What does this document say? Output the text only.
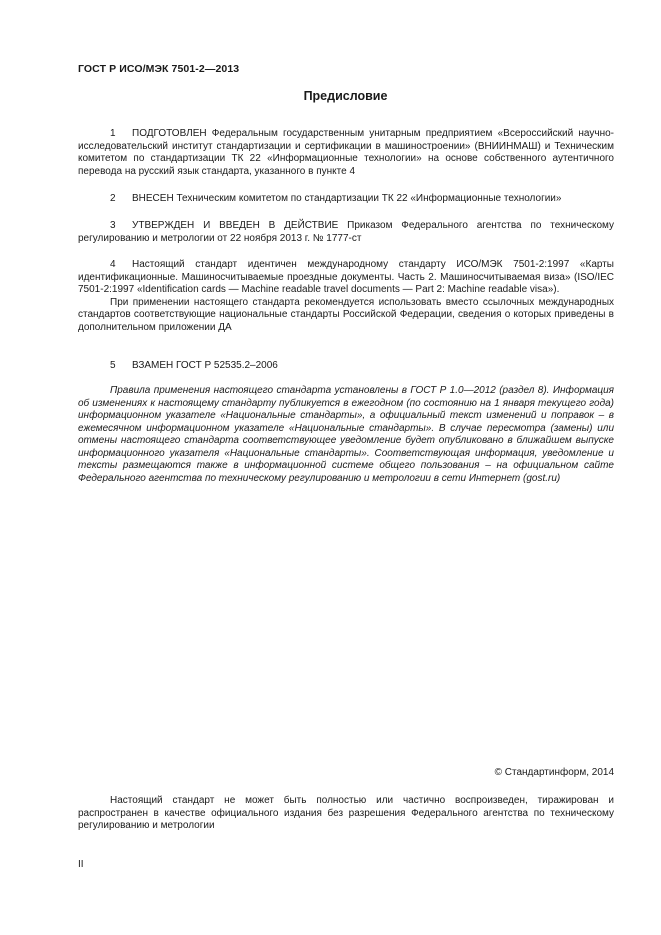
ГОСТ Р ИСО/МЭК 7501-2—2013
Предисловие

1 ПОДГОТОВЛЕН Федеральным государственным унитарным предприятием «Всероссийский научно-исследовательский институт стандартизации и сертификации в машиностроении» (ВНИИНМАШ) и Техническим комитетом по стандартизации ТК 22 «Информационные технологии» на основе собственного аутентичного перевода на русский язык стандарта, указанного в пункте 4

2 ВНЕСЕН Техническим комитетом по стандартизации ТК 22 «Информационные технологии»

3 УТВЕРЖДЕН И ВВЕДЕН В ДЕЙСТВИЕ Приказом Федерального агентства по техническому регулированию и метрологии от 22 ноября 2013 г. № 1777-ст

4 Настоящий стандарт идентичен международному стандарту ИСО/МЭК 7501-2:1997 «Карты идентификационные. Машиносчитываемые проездные документы. Часть 2. Машиносчитываемая виза» (ISO/IEC 7501-2:1997 «Identification cards — Machine readable travel documents — Part 2: Machine readable visa»).

При применении настоящего стандарта рекомендуется использовать вместо ссылочных международных стандартов соответствующие национальные стандарты Российской Федерации, сведения о которых приведены в дополнительном приложении ДА

5 ВЗАМЕН ГОСТ Р 52535.2–2006

Правила применения настоящего стандарта установлены в ГОСТ Р 1.0—2012 (раздел 8). Информация об изменениях к настоящему стандарту публикуется в ежегодном (по состоянию на 1 января текущего года) информационном указателе «Национальные стандарты», а официальный текст изменений и поправок – в ежемесячном информационном указателе «Национальные стандарты». В случае пересмотра (замены) или отмены настоящего стандарта соответствующее уведомление будет опубликовано в ближайшем выпуске информационного указателя «Национальные стандарты». Соответствующая информация, уведомление и тексты размещаются также в информационной системе общего пользования – на официальном сайте Федерального агентства по техническому регулированию и метрологии в сети Интернет (gost.ru)

© Стандартинформ, 2014

Настоящий стандарт не может быть полностью или частично воспроизведен, тиражирован и распространен в качестве официального издания без разрешения Федерального агентства по техническому регулированию и метрологии

II
